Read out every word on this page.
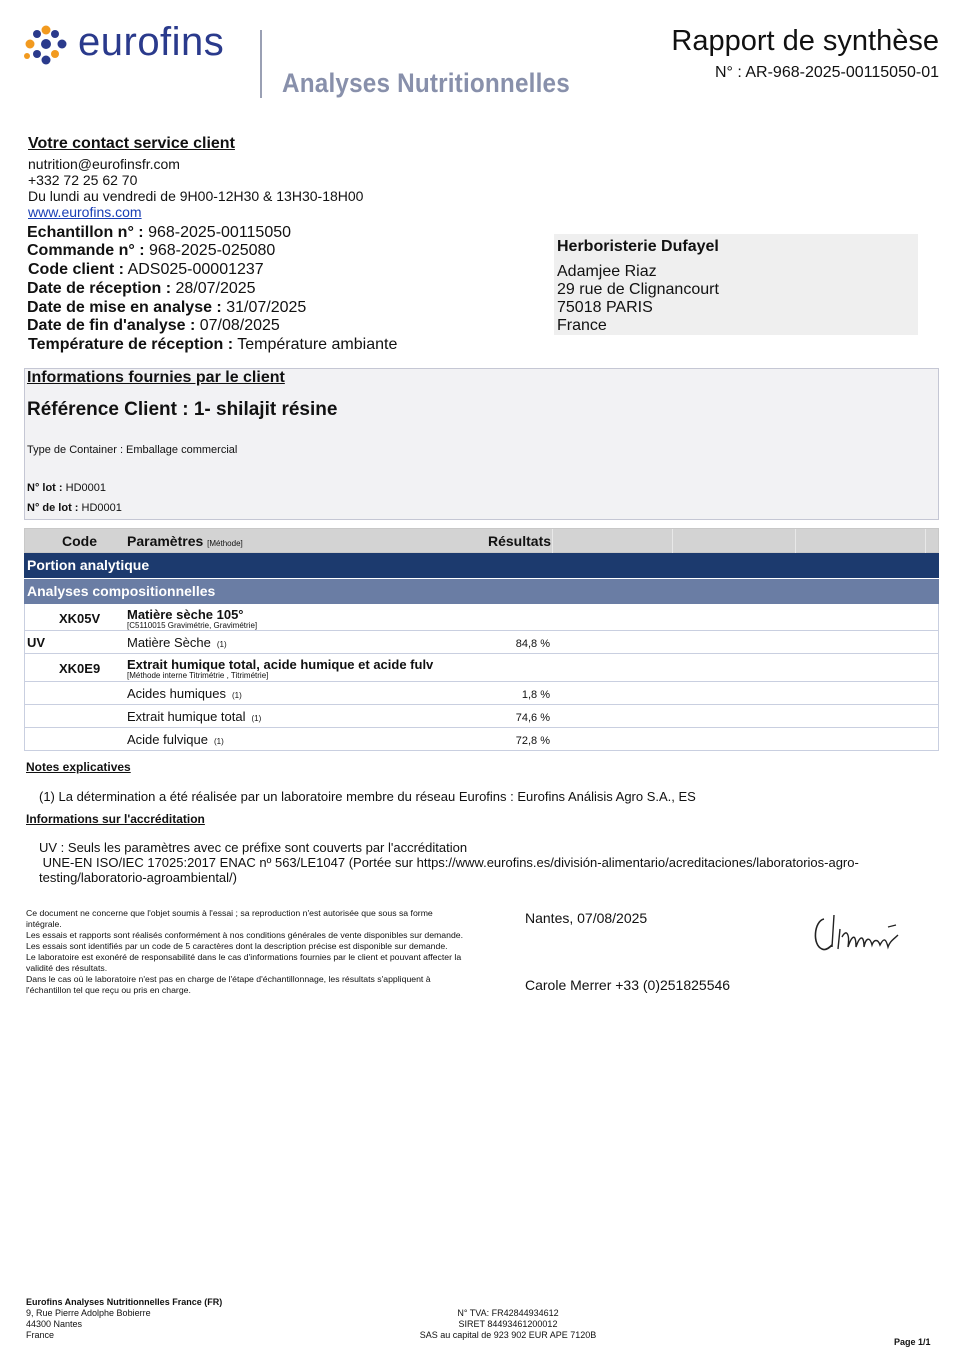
eurofins
Analyses Nutritionnelles
Rapport de synthèse
N° : AR-968-2025-00115050-01
Votre contact service client
nutrition@eurofinsfr.com
+332 72 25 62 70
Du lundi au vendredi de 9H00-12H30 & 13H30-18H00
www.eurofins.com
Echantillon n° : 968-2025-00115050
Commande n° : 968-2025-025080
Code client : ADS025-00001237
Date de réception : 28/07/2025
Date de mise en analyse : 31/07/2025
Date de fin d'analyse : 07/08/2025
Température de réception : Température ambiante
Herboristerie Dufayel
Adamjee Riaz
29 rue de Clignancourt
75018 PARIS
France
Informations fournies par le client
Référence Client : 1- shilajit résine
Type de Container : Emballage commercial
N° lot : HD0001
N° de lot : HD0001
Code Paramètres [Méthode]	Résultats
Portion analytique
Analyses compositionnelles
XK05V Matière sèche 105°
[C5110015 Gravimétrie, Gravimétrie]
UV	Matière Sèche (1)	84,8 %
XK0E9 Extrait humique total, acide humique et acide fulv
[Méthode interne Titrimétrie , Titrimétrie]
Acides humiques (1)	1,8 %
Extrait humique total (1)	74,6 %
Acide fulvique (1)	72,8 %
Notes explicatives
(1) La détermination a été réalisée par un laboratoire membre du réseau Eurofins : Eurofins Análisis Agro S.A., ES
Informations sur l'accréditation
UV : Seuls les paramètres avec ce préfixe sont couverts par l'accréditation
UNE-EN ISO/IEC 17025:2017 ENAC nº 563/LE1047 (Portée sur https://www.eurofins.es/división-alimentario/acreditaciones/laboratorios-agro-
testing/laboratorio-agroambiental/)
Ce document ne concerne que l'objet soumis à l'essai ; sa reproduction n'est autorisée que sous sa forme
intégrale.
Les essais et rapports sont réalisés conformément à nos conditions générales de vente disponibles sur demande.
Les essais sont identifiés par un code de 5 caractères dont la description précise est disponible sur demande.
Le laboratoire est exonéré de responsabilité dans le cas d'informations fournies par le client et pouvant affecter la
validité des résultats.
Dans le cas où le laboratoire n'est pas en charge de l'étape d'échantillonnage, les résultats s'appliquent à
l'échantillon tel que reçu ou pris en charge.
Nantes, 07/08/2025
Carole Merrer +33 (0)251825546
Eurofins Analyses Nutritionnelles France (FR)
9, Rue Pierre Adolphe Bobierre
44300 Nantes
France
N° TVA: FR42844934612
SIRET 84493461200012
SAS au capital de 923 902 EUR APE 7120B
Page 1/1
